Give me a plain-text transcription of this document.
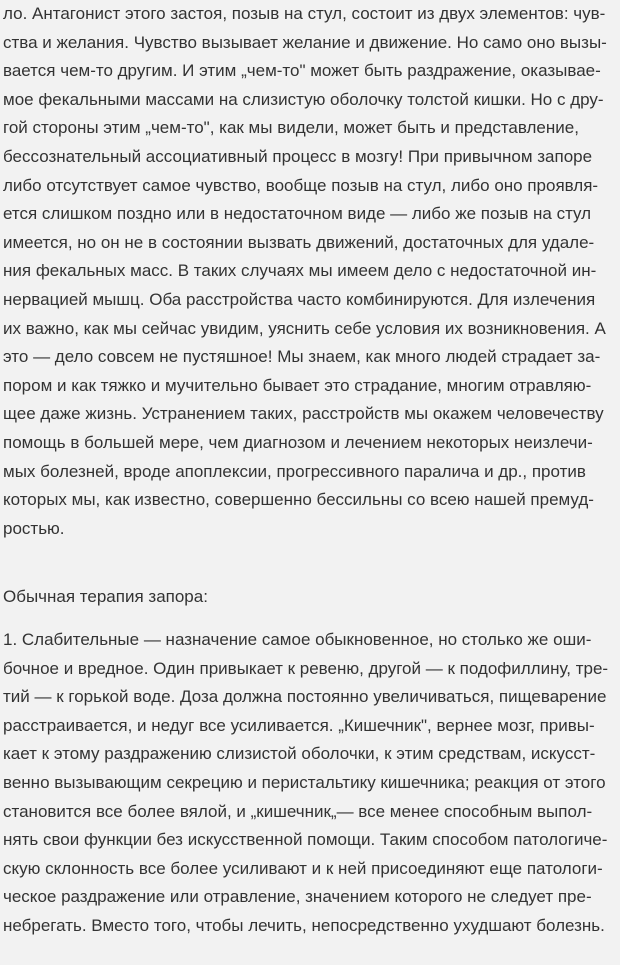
ло. Антагонист этого застоя, позыв на стул, состоит из двух элементов: чув-
ства и желания. Чувство вызывает желание и движение. Но само оно вызы-
вается чем-то другим. И этим „чем-то" может быть раздражение, оказывае-
мое фекальными массами на слизистую оболочку толстой кишки. Но с дру-
гой стороны этим „чем-то", как мы видели, может быть и представление,
бессознательный ассоциативный процесс в мозгу! При привычном запоре
либо отсутствует самое чувство, вообще позыв на стул, либо оно проявля-
ется слишком поздно или в недостаточном виде — либо же позыв на стул
имеется, но он не в состоянии вызвать движений, достаточных для удале-
ния фекальных масс. В таких случаях мы имеем дело с недостаточной ин-
нервацией мышц. Оба расстройства часто комбинируются. Для излечения
их важно, как мы сейчас увидим, уяснить себе условия их возникновения. А
это — дело совсем не пустяшное! Мы знаем, как много людей страдает за-
пором и как тяжко и мучительно бывает это страдание, многим отравляю-
щее даже жизнь. Устранением таких, расстройств мы окажем человечеству
помощь в большей мере, чем диагнозом и лечением некоторых неизлечи-
мых болезней, вроде апоплексии, прогрессивного паралича и др., против
которых мы, как известно, совершенно бессильны со всею нашей премуд-
ростью.
Обычная терапия запора:
1. Слабительные — назначение самое обыкновенное, но столько же оши-
бочное и вредное. Один привыкает к ревеню, другой — к подофиллину, тре-
тий — к горькой воде. Доза должна постоянно увеличиваться, пищеварение
расстраивается, и недуг все усиливается. „Кишечник", вернее мозг, привы-
кает к этому раздражению слизистой оболочки, к этим средствам, искусст-
венно вызывающим секрецию и перистальтику кишечника; реакция от этого
становится все более вялой, и „кишечник„— все менее способным выпол-
нять свои функции без искусственной помощи. Таким способом патологиче-
скую склонность все более усиливают и к ней присоединяют еще патологи-
ческое раздражение или отравление, значением которого не следует пре-
небрегать. Вместо того, чтобы лечить, непосредственно ухудшают болезнь.
